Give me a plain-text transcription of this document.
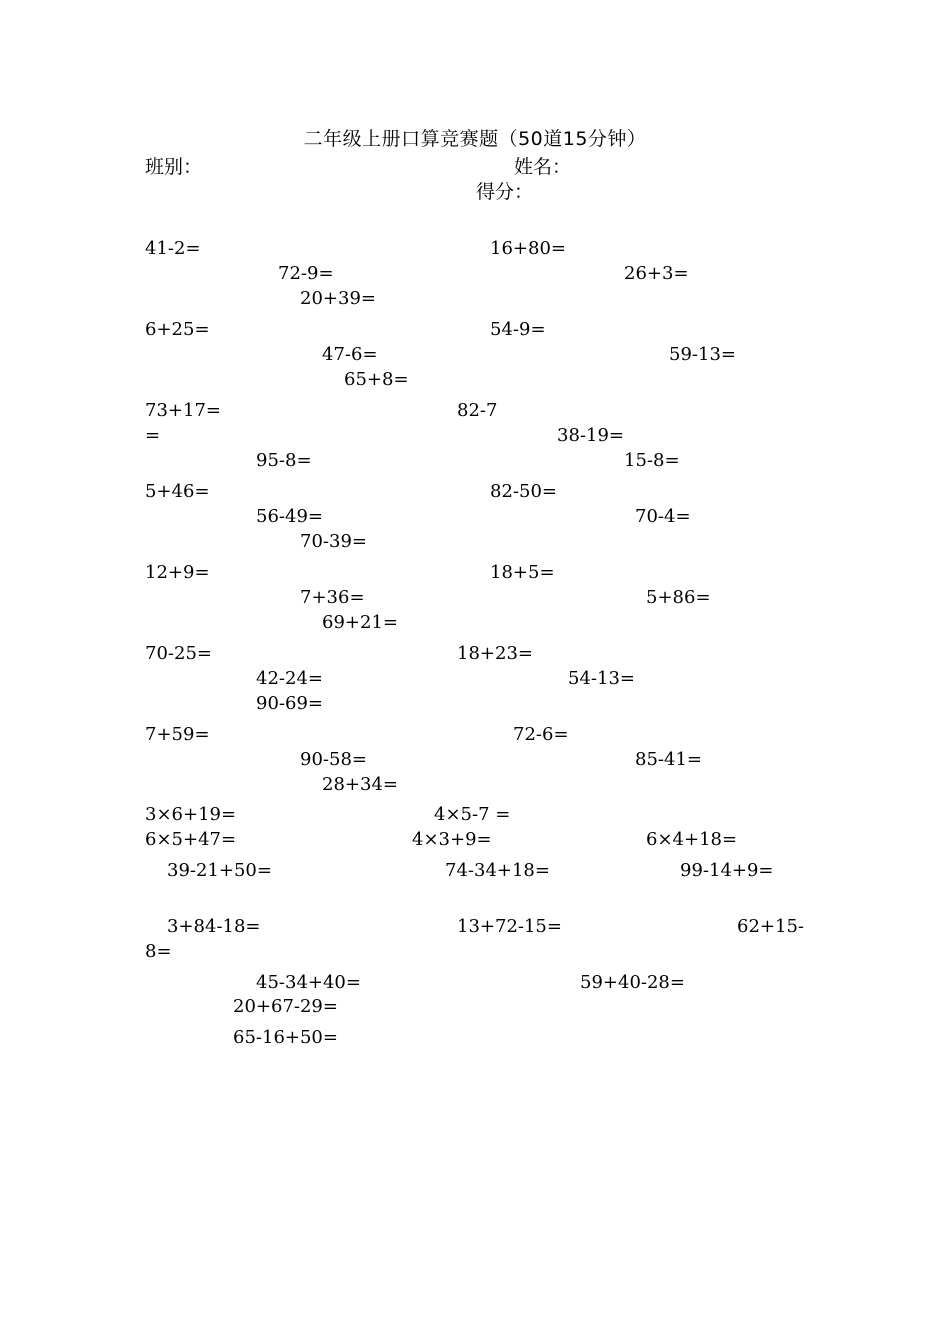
二年级上册口算竞赛题（50道15分钟）
班别：	姓名：
得分：
41-2=	16+80=
72-9=	26+3=
20+39=
6+25=	54-9=
47-6=	59-13=
65+8=
73+17=	82-7
=	38-19=
95-8=	15-8=
5+46=	82-50=
56-49=	70-4=
70-39=
12+9=	18+5=
7+36=	5+86=
69+21=
70-25=	18+23=
42-24=	54-13=
90-69=
7+59=	72-6=
90-58=	85-41=
28+34=
3×6+19=	4×5-7 =
6×5+47=	4×3+9=	6×4+18=
39-21+50=	74-34+18=	99-14+9=
3+84-18=	13+72-15=	62+15-
8=
45-34+40=	59+40-28=
20+67-29=
65-16+50=
